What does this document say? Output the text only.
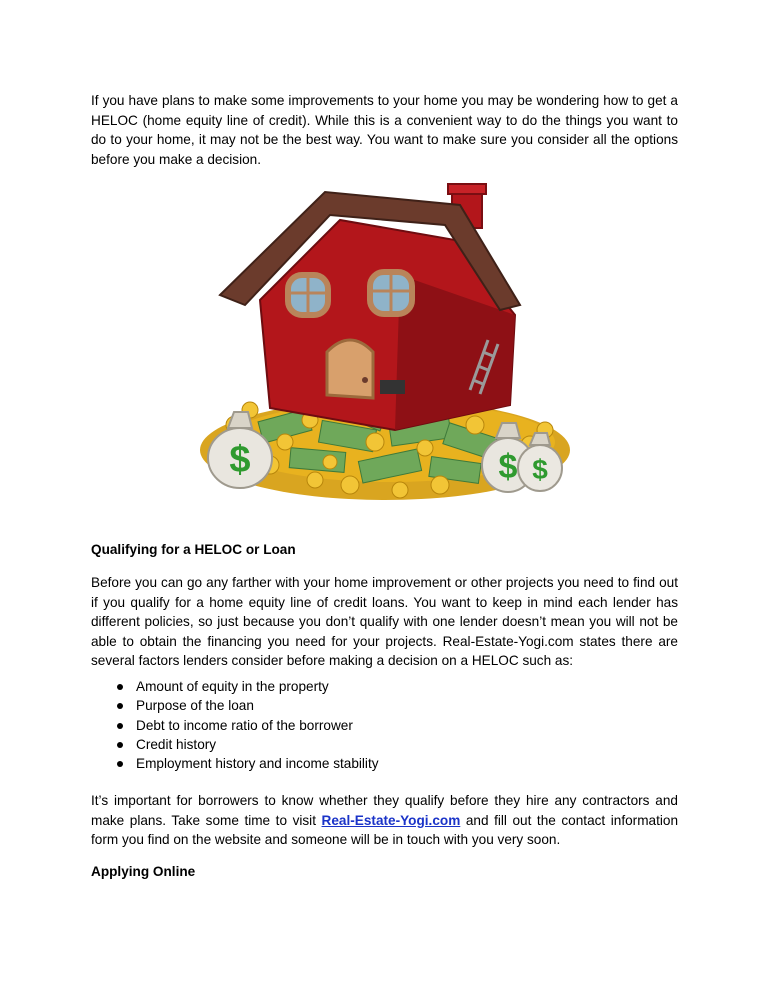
If you have plans to make some improvements to your home you may be wondering how to get a HELOC (home equity line of credit). While this is a convenient way to do the things you want to do to your home, it may not be the best way. You want to make sure you consider all the options before you make a decision.

$	$ $
Qualifying for a HELOC or Loan

Before you can go any farther with your home improvement or other projects you need to find out if you qualify for a home equity line of credit loans. You want to keep in mind each lender has different policies, so just because you don’t qualify with one lender doesn’t mean you will not be able to obtain the financing you need for your projects. Real-Estate-Yogi.com states there are several factors lenders consider before making a decision on a HELOC such as:

Amount of equity in the property
Purpose of the loan
Debt to income ratio of the borrower
Credit history
Employment history and income stability

It’s important for borrowers to know whether they qualify before they hire any contractors and make plans. Take some time to visit Real-Estate-Yogi.com and fill out the contact information form you find on the website and someone will be in touch with you very soon.

Applying Online
